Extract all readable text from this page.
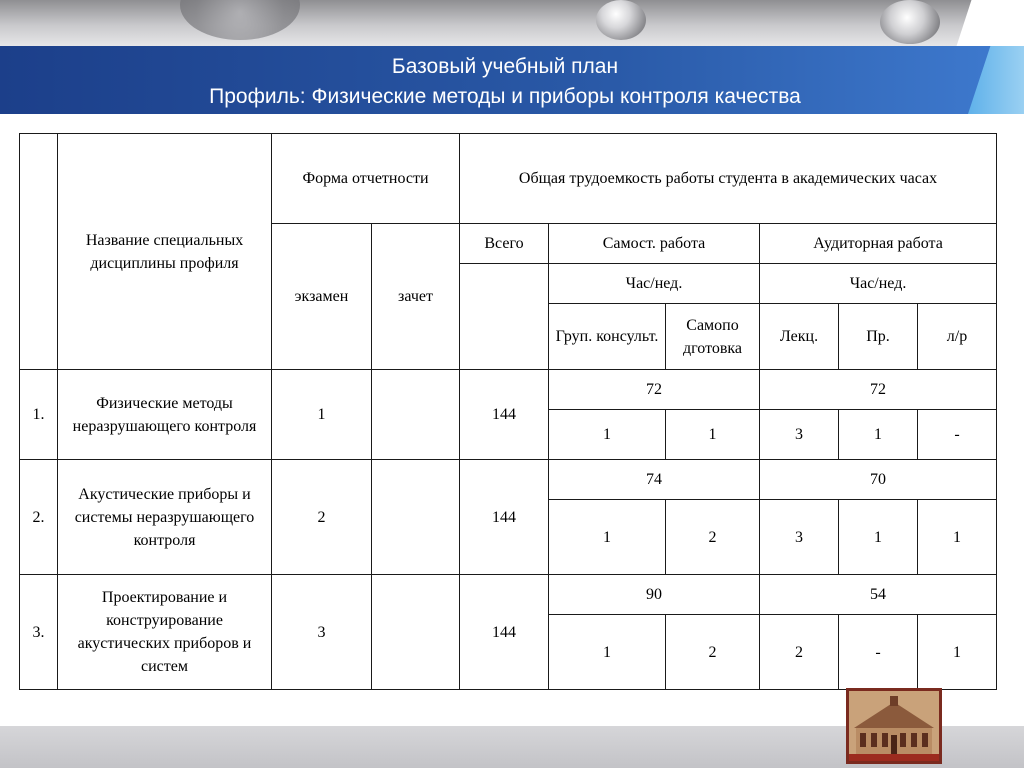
Базовый учебный план
Профиль: Физические методы и приборы контроля качества
	Название специальных дисциплины профиля	Форма отчетности		Общая трудоемкость работы студента в академических часах					
		экзамен	зачет	Всего	Самост. работа		Аудиторная работа		
					Час/нед.		Час/нед.		
					Груп. консульт.	Самопо дготовка	Лекц.	Пр.	л/р
1.	Физические методы неразрушающего контроля	1		144	72		72		
					1	1	3	1	-
2.	Акустические приборы и системы неразрушающего контроля	2		144	74		70		
					1	2	3	1	1
3.	Проектирование и конструирование акустических приборов и систем	3		144	90		54		
					1	2	2	-	1
